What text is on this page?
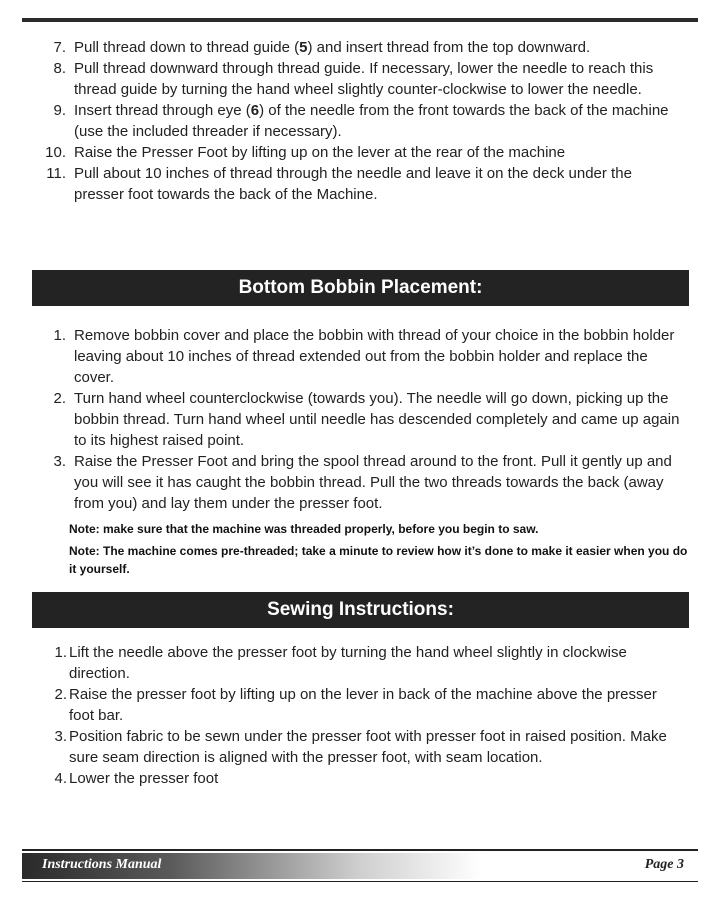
7. Pull thread down to thread guide (5) and insert thread from the top downward.
8. Pull thread downward through thread guide. If necessary, lower the needle to reach this thread guide by turning the hand wheel slightly counter-clockwise to lower the needle.
9. Insert thread through eye (6) of the needle from the front towards the back of the machine (use the included threader if necessary).
10. Raise the Presser Foot by lifting up on the lever at the rear of the machine
11. Pull about 10 inches of thread through the needle and leave it on the deck under the presser foot towards the back of the Machine.
Bottom Bobbin Placement:
1. Remove bobbin cover and place the bobbin with thread of your choice in the bobbin holder leaving about 10 inches of thread extended out from the bobbin holder and replace the cover.
2. Turn hand wheel counterclockwise (towards you). The needle will go down, picking up the bobbin thread. Turn hand wheel until needle has descended completely and came up again to its highest raised point.
3. Raise the Presser Foot and bring the spool thread around to the front. Pull it gently up and you will see it has caught the bobbin thread. Pull the two threads towards the back (away from you) and lay them under the presser foot.

Note: make sure that the machine was threaded properly, before you begin to saw.

Note: The machine comes pre-threaded; take a minute to review how it’s done to make it easier when you do it yourself.

Sewing Instructions:
1. Lift the needle above the presser foot by turning the hand wheel slightly in clockwise direction.
2. Raise the presser foot by lifting up on the lever in back of the machine above the presser foot bar.
3. Position fabric to be sewn under the presser foot with presser foot in raised position. Make sure seam direction is aligned with the presser foot, with seam location.
4. Lower the presser foot
Instructions Manual	Page 3
